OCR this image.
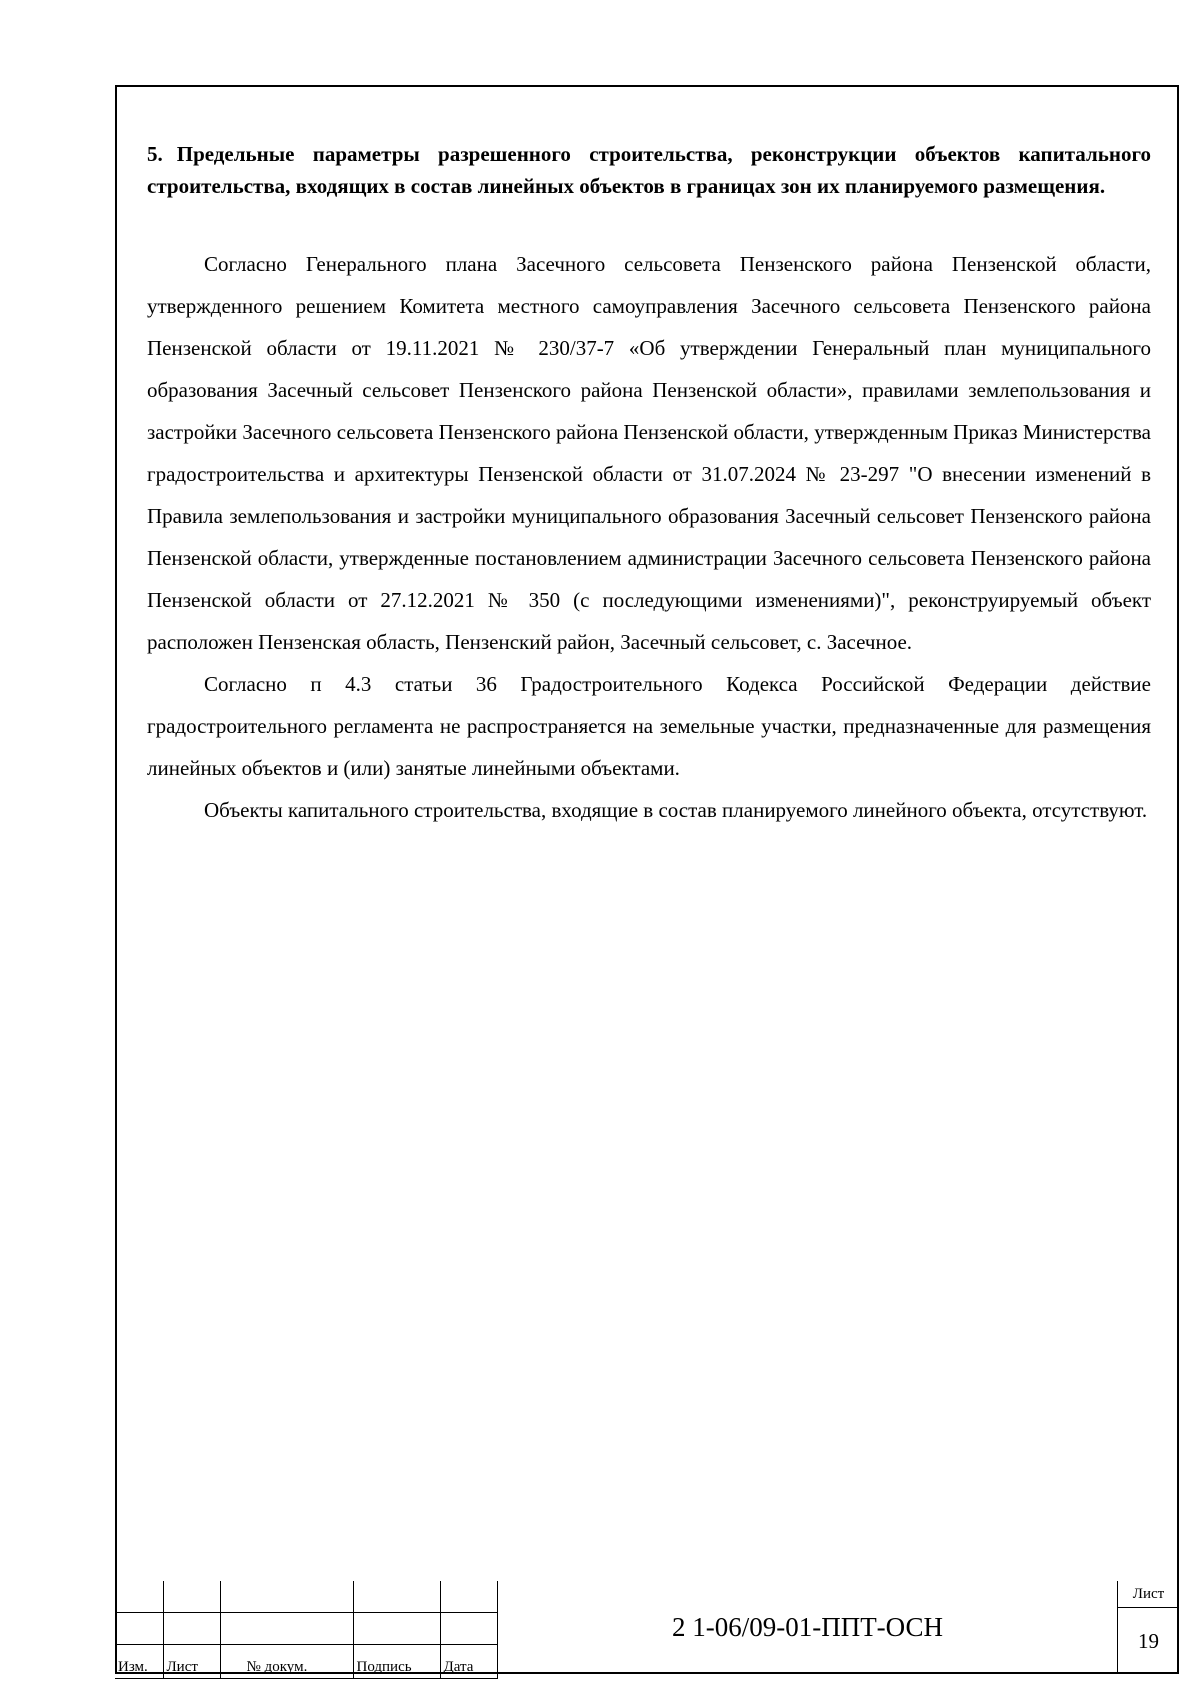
5. Предельные параметры разрешенного строительства, реконструкции объектов капитального строительства, входящих в состав линейных объектов в границах зон их планируемого размещения.

Согласно Генерального плана Засечного сельсовета Пензенского района Пензенской области, утвержденного решением Комитета местного самоуправления Засечного сельсовета Пензенского района Пензенской области от 19.11.2021 № 230/37-7 «Об утверждении Генеральный план муниципального образования Засечный сельсовет Пензенского района Пензенской области», правилами землепользования и застройки Засечного сельсовета Пензенского района Пензенской области, утвержденным Приказ Министерства градостроительства и архитектуры Пензенской области от 31.07.2024 № 23-297 "О внесении изменений в Правила землепользования и застройки муниципального образования Засечный сельсовет Пензенского района Пензенской области, утвержденные постановлением администрации Засечного сельсовета Пензенского района Пензенской области от 27.12.2021 № 350 (с последующими изменениями)", реконструируемый объект расположен Пензенская область, Пензенский район, Засечный сельсовет, с. Засечное.

Согласно п 4.3 статьи 36 Градостроительного Кодекса Российской Федерации действие градостроительного регламента не распространяется на земельные участки, предназначенные для размещения линейных объектов и (или) занятые линейными объектами.

Объекты капитального строительства, входящие в состав планируемого линейного объекта, отсутствуют.

Изм.	Лист	№ докум.	Подпись	Дата
2 1-06/09-01-ППТ-ОСН
Лист
19
